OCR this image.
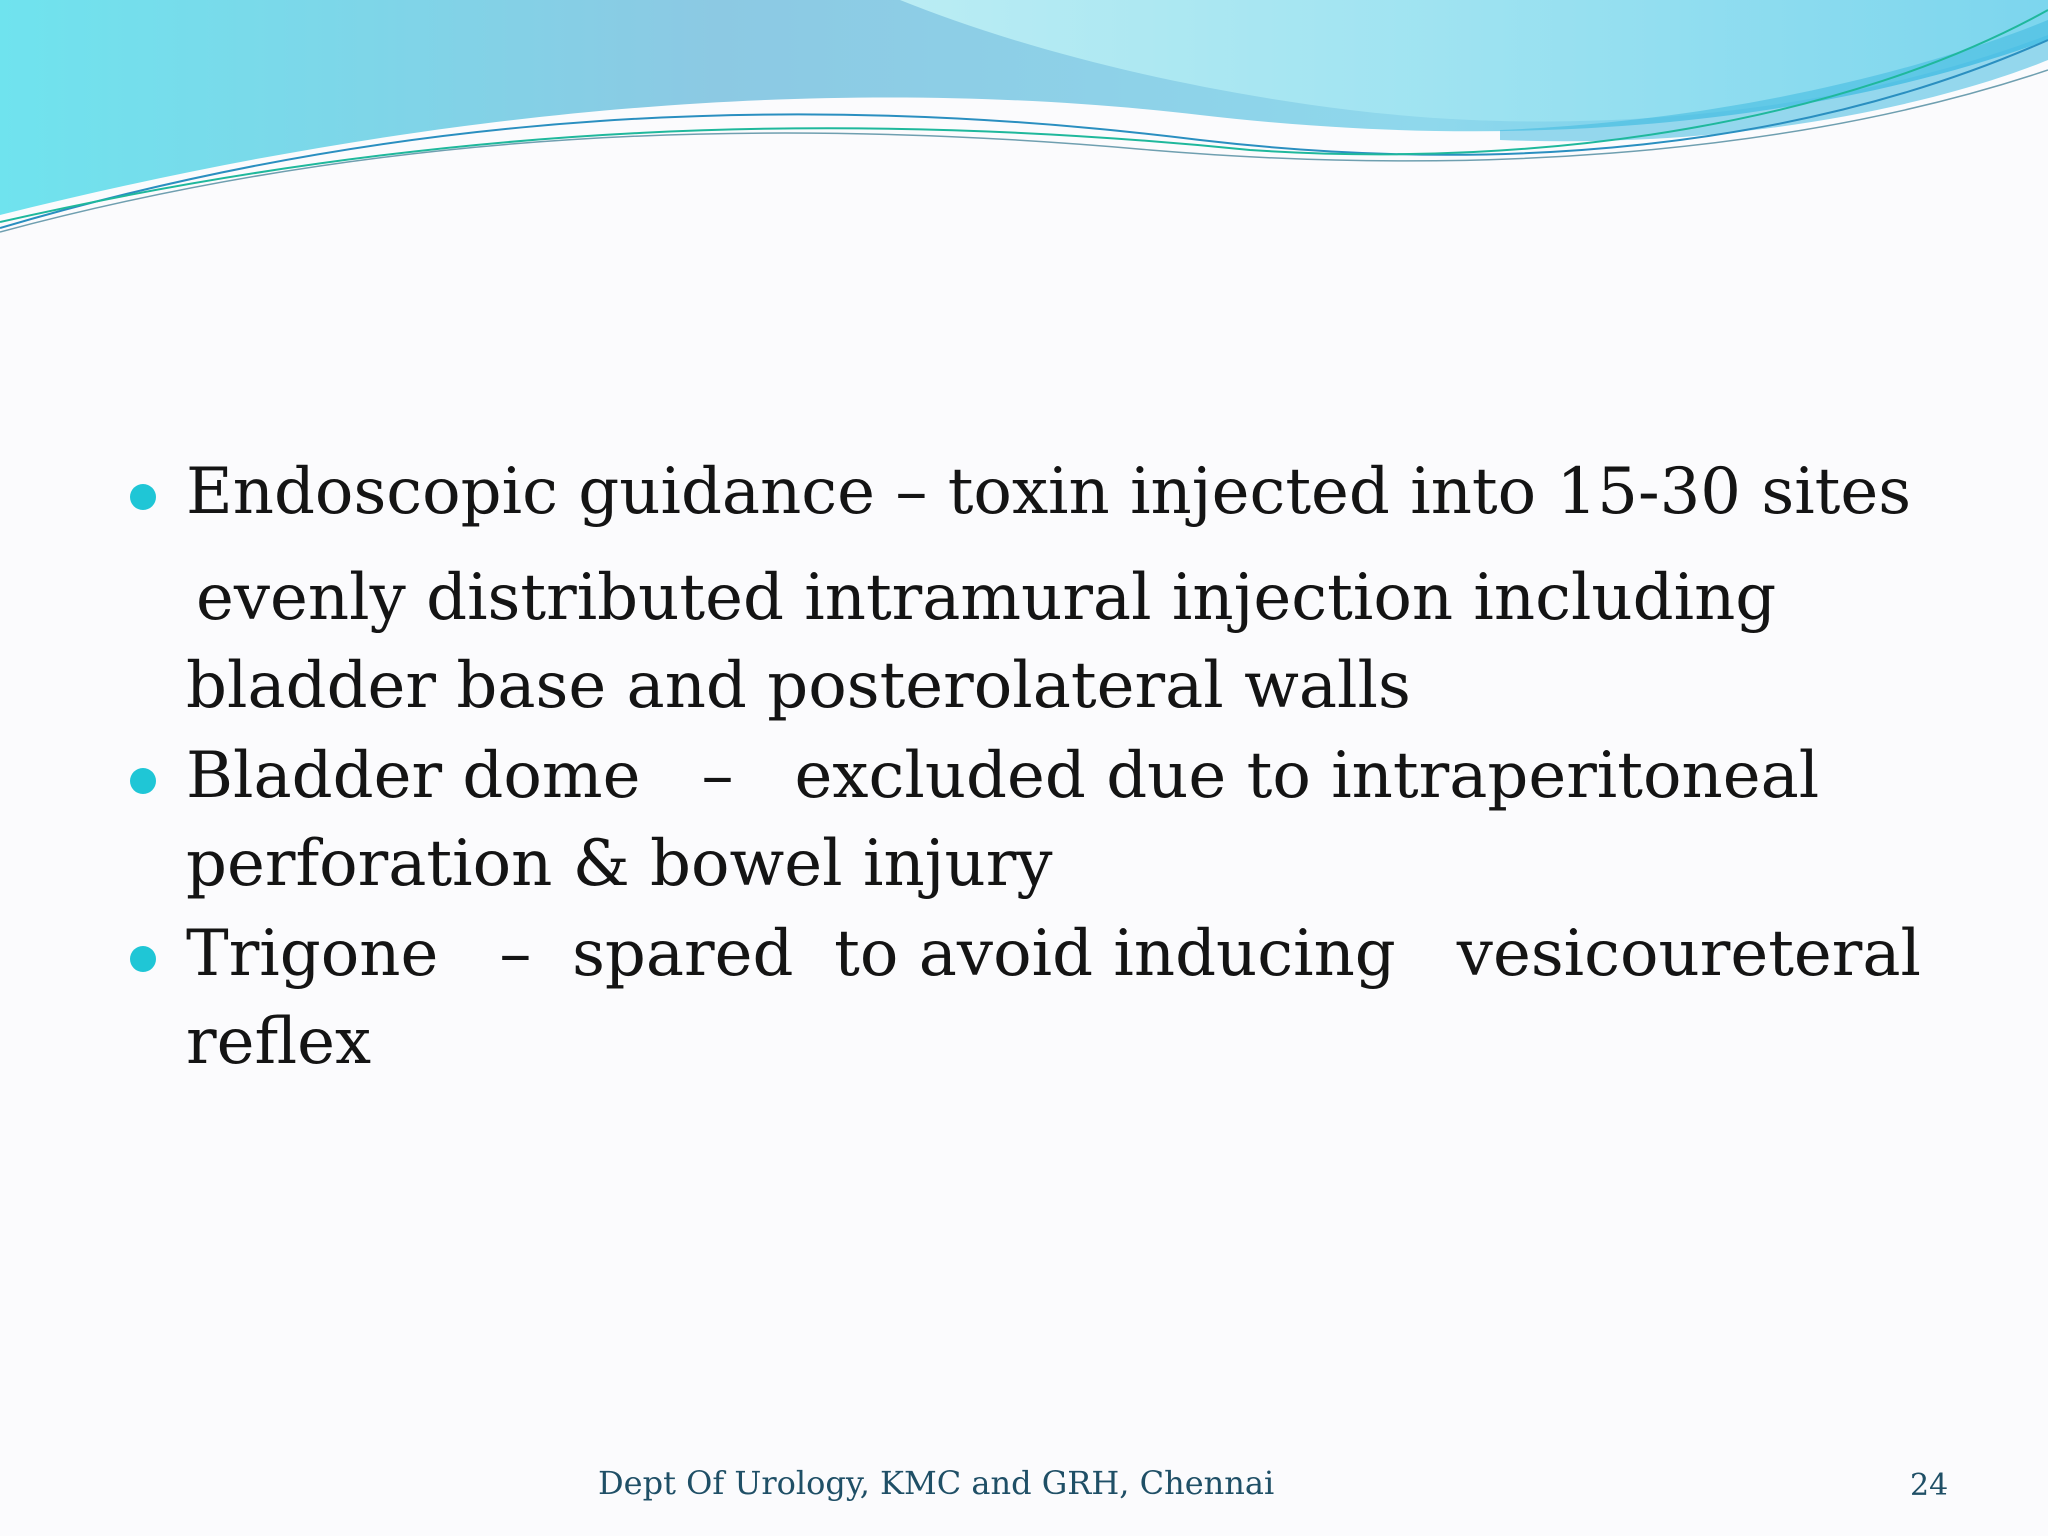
Endoscopic guidance – toxin injected into 15-30 sites
evenly distributed intramural injection including
bladder base and posterolateral walls
Bladder dome   –   excluded due to intraperitoneal
perforation & bowel injury
Trigone   –  spared  to avoid inducing   vesicoureteral
reflex
Dept Of Urology, KMC and GRH, Chennai	24
